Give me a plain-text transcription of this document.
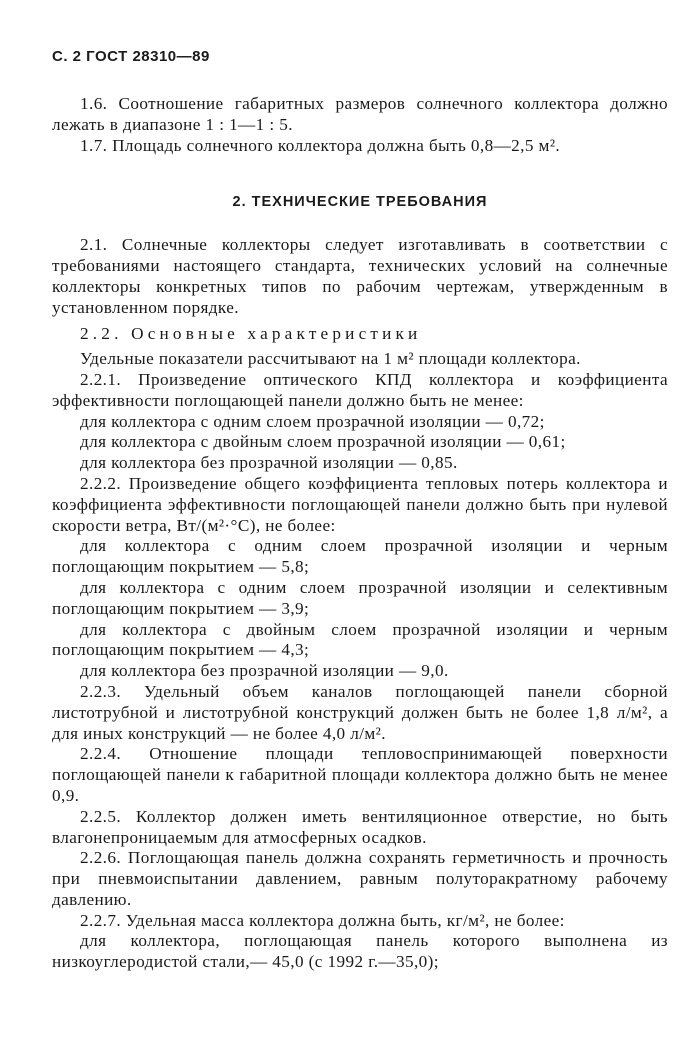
С. 2 ГОСТ 28310—89

1.6. Соотношение габаритных размеров солнечного коллектора должно лежать в диапазоне 1 : 1—1 : 5.

1.7. Площадь солнечного коллектора должна быть 0,8—2,5 м².

2. ТЕХНИЧЕСКИЕ ТРЕБОВАНИЯ

2.1. Солнечные коллекторы следует изготавливать в соответствии с требованиями настоящего стандарта, технических условий на солнечные коллекторы конкретных типов по рабочим чертежам, утвержденным в установленном порядке.

2.2. Основные характеристики

Удельные показатели рассчитывают на 1 м² площади коллектора.

2.2.1. Произведение оптического КПД коллектора и коэффициента эффективности поглощающей панели должно быть не менее:

для коллектора с одним слоем прозрачной изоляции — 0,72;

для коллектора с двойным слоем прозрачной изоляции — 0,61;

для коллектора без прозрачной изоляции — 0,85.

2.2.2. Произведение общего коэффициента тепловых потерь коллектора и коэффициента эффективности поглощающей панели должно быть при нулевой скорости ветра, Вт/(м²·°С), не более:

для коллектора с одним слоем прозрачной изоляции и черным поглощающим покрытием — 5,8;

для коллектора с одним слоем прозрачной изоляции и селективным поглощающим покрытием — 3,9;

для коллектора с двойным слоем прозрачной изоляции и черным поглощающим покрытием — 4,3;

для коллектора без прозрачной изоляции — 9,0.

2.2.3. Удельный объем каналов поглощающей панели сборной листотрубной и листотрубной конструкций должен быть не более 1,8 л/м², а для иных конструкций — не более 4,0 л/м².

2.2.4. Отношение площади тепловоспринимающей поверхности поглощающей панели к габаритной площади коллектора должно быть не менее 0,9.

2.2.5. Коллектор должен иметь вентиляционное отверстие, но быть влагонепроницаемым для атмосферных осадков.

2.2.6. Поглощающая панель должна сохранять герметичность и прочность при пневмоиспытании давлением, равным полуторакратному рабочему давлению.

2.2.7. Удельная масса коллектора должна быть, кг/м², не более:

для коллектора, поглощающая панель которого выполнена из низкоуглеродистой стали,— 45,0 (с 1992 г.—35,0);
